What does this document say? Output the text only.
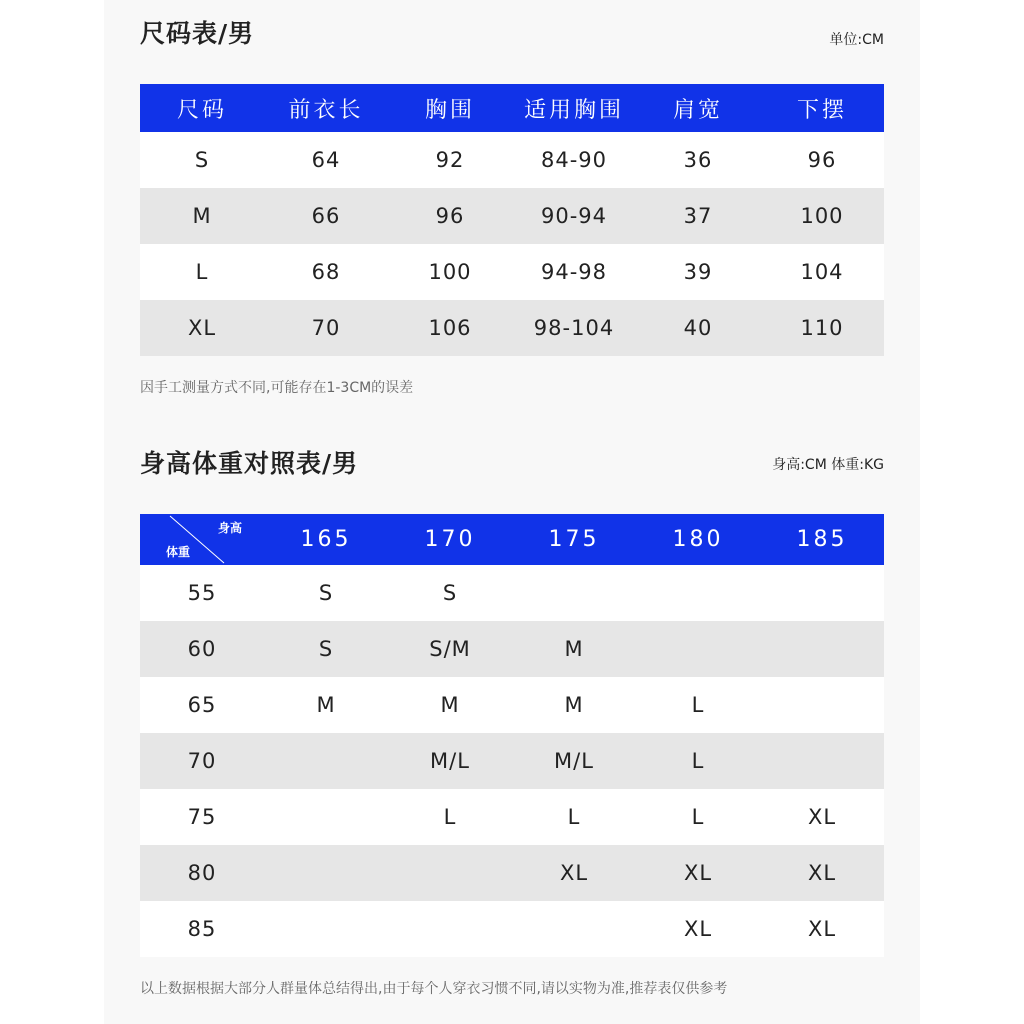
尺码表/男	单位:CM
尺码	前衣长	胸围	适用胸围	肩宽	下摆
S	64	92	84-90	36	96
M	66	96	90-94	37	100
L	68	100	94-98	39	104
XL	70	106	98-104	40	110
因手工测量方式不同,可能存在1-3CM的误差
身高体重对照表/男	身高:CM 体重:KG
身高
体重	165	170	175	180	185
55	S	S			
60	S	S/M	M		
65	M	M	M	L	
70		M/L	M/L	L	
75		L	L	L	XL
80			XL	XL	XL
85				XL	XL
以上数据根据大部分人群量体总结得出,由于每个人穿衣习惯不同,请以实物为准,推荐表仅供参考
